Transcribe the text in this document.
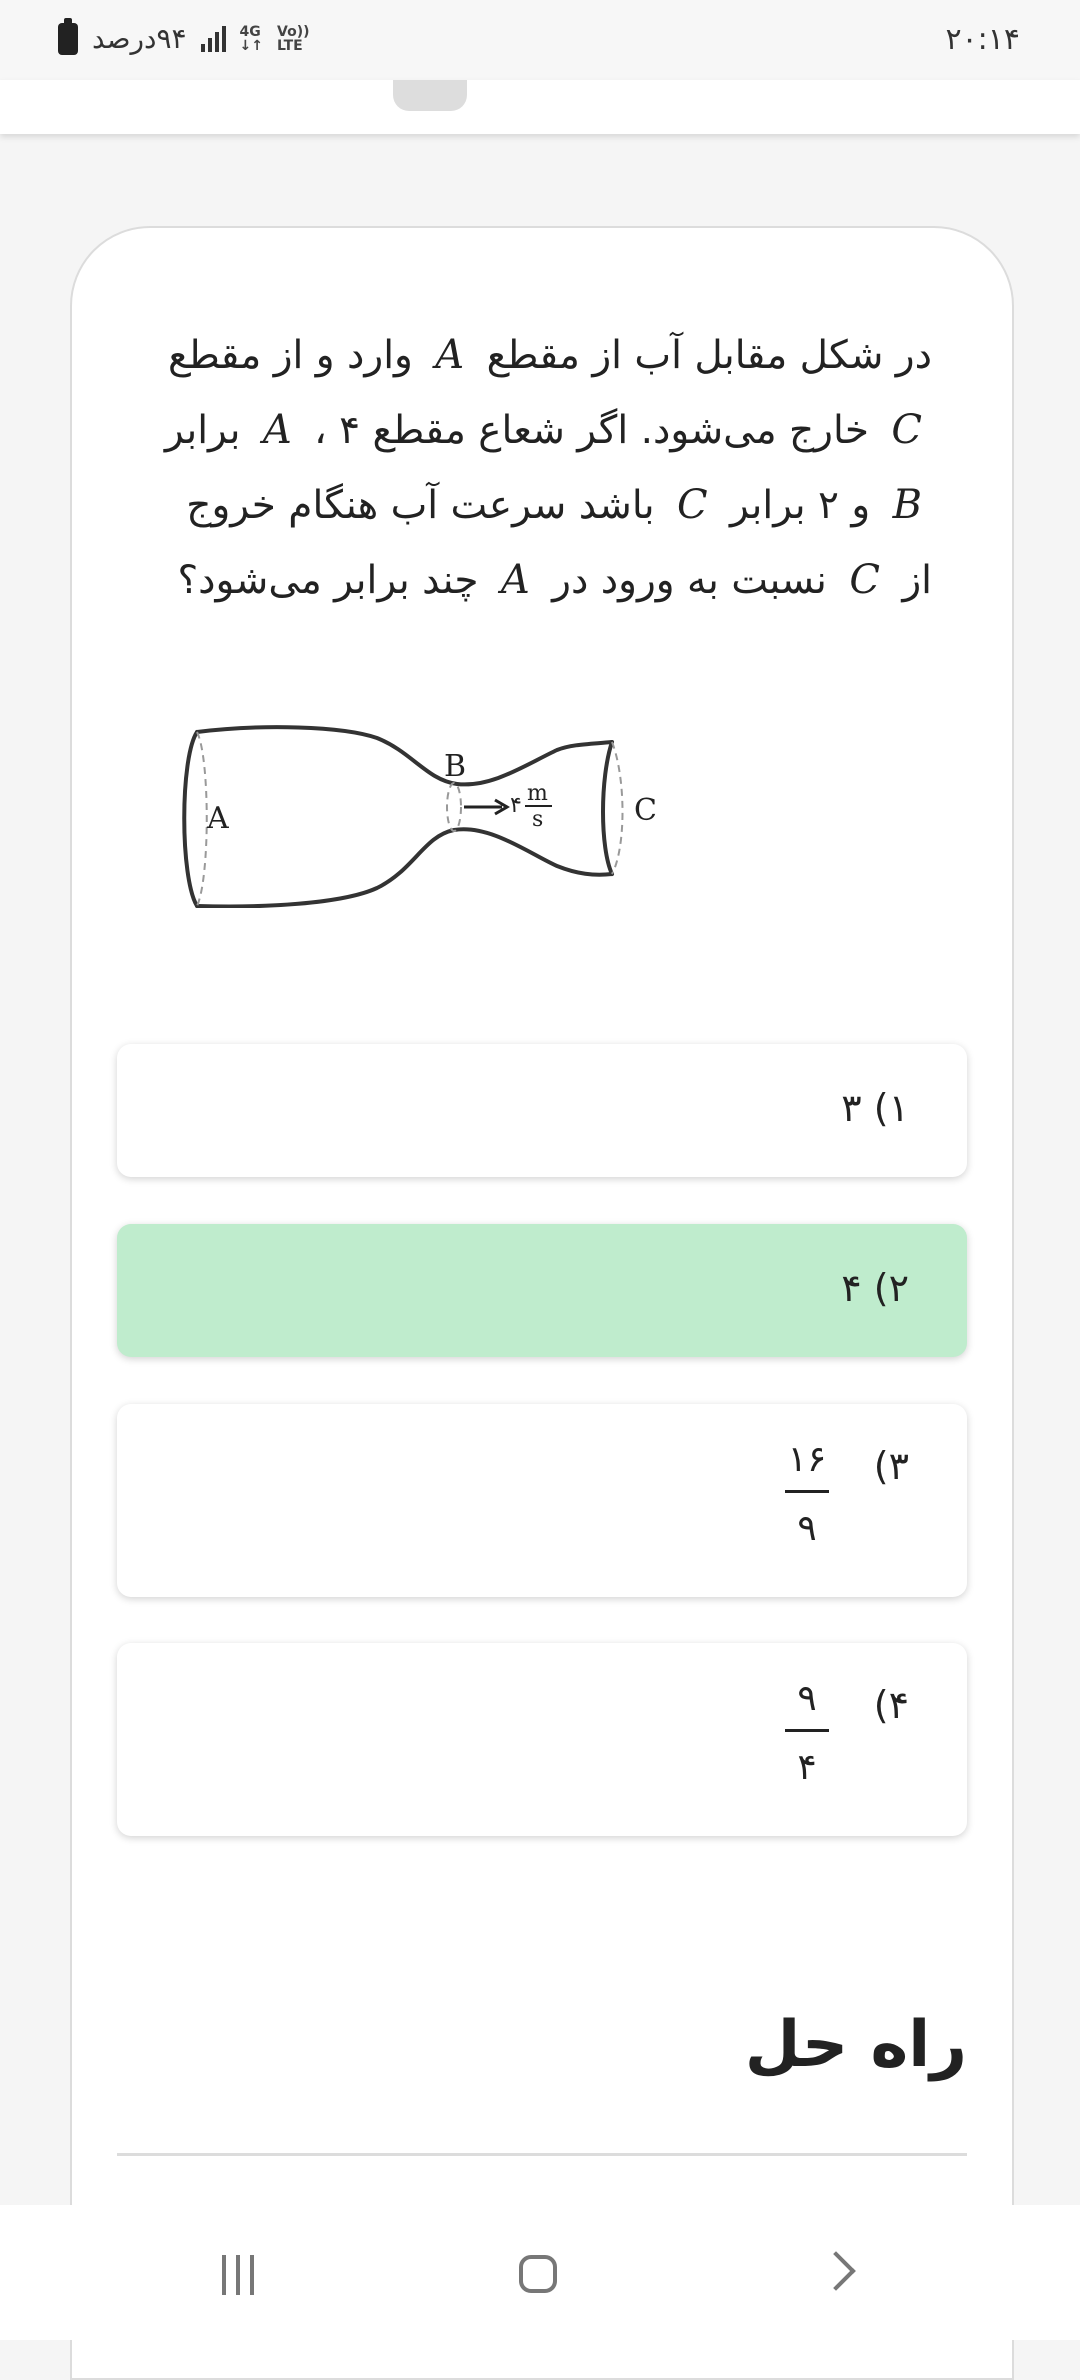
۹۴درصد	4G
↓↑
Vo))
LTE	۲۰:۱۴
در شکل مقابل آب از مقطع A وارد و از مقطع C خارج می‌شود. اگر شعاع مقطع A ، ۴ برابر B و ۲ برابر C باشد سرعت آب هنگام خروج از C نسبت به ورود در A چند برابر می‌شود؟
A
B
C
۴ m
s
۱) ۳
۲) ۴
۳)
۱۶
۹
۴)
۹
۴
راه حل
